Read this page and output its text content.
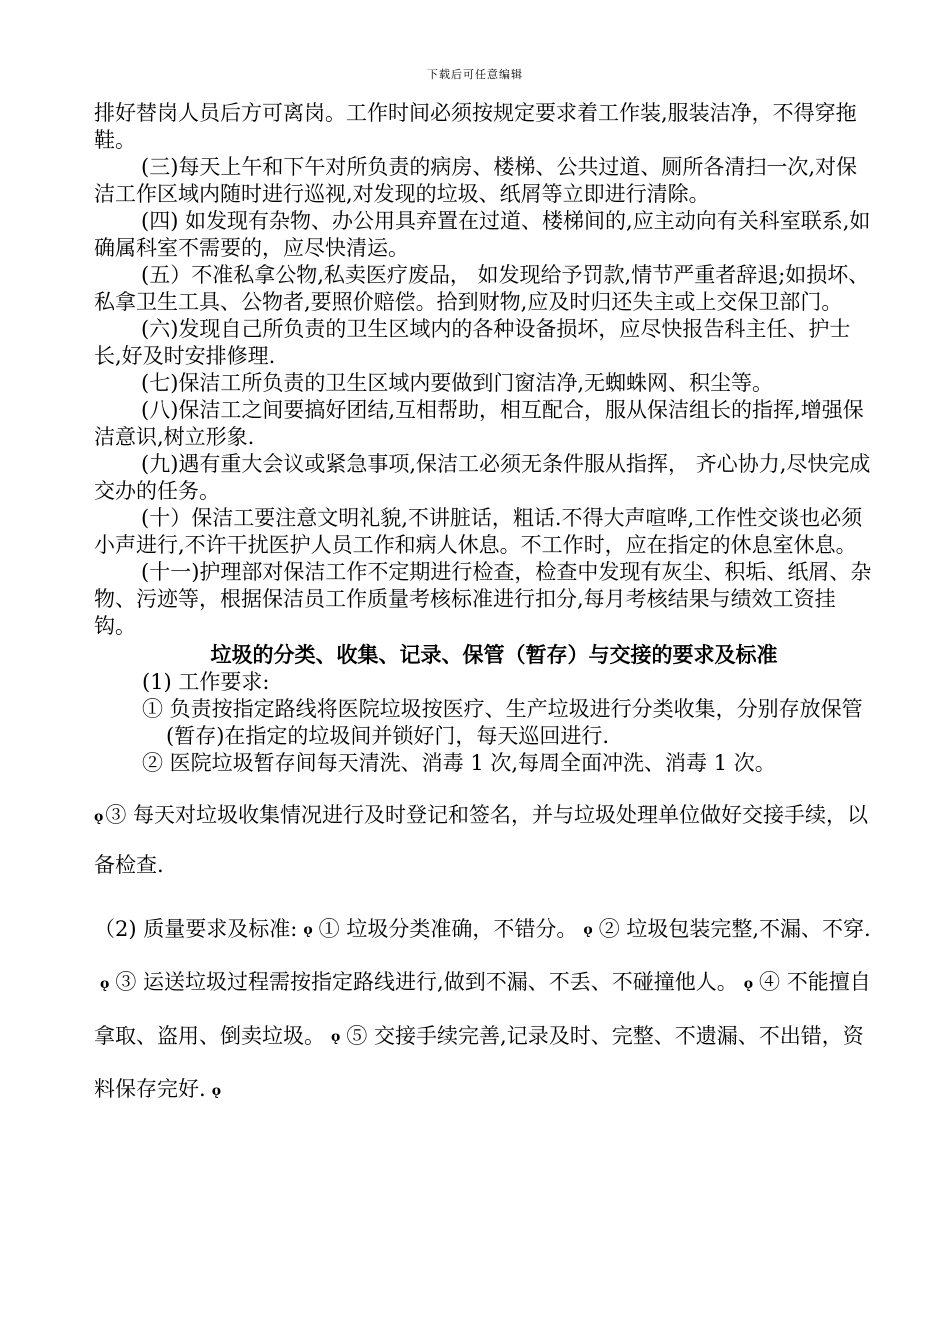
下载后可任意编辑

排好替岗人员后方可离岗。工作时间必须按规定要求着工作装,服装洁净，不得穿拖鞋。

(三)每天上午和下午对所负责的病房、楼梯、公共过道、厕所各清扫一次,对保洁工作区域内随时进行巡视,对发现的垃圾、纸屑等立即进行清除。

(四) 如发现有杂物、办公用具弃置在过道、楼梯间的,应主动向有关科室联系,如确属科室不需要的，应尽快清运。

(五）不准私拿公物,私卖医疗废品， 如发现给予罚款,情节严重者辞退;如损坏、私拿卫生工具、公物者,要照价赔偿。拾到财物,应及时归还失主或上交保卫部门。

(六)发现自己所负责的卫生区域内的各种设备损坏，应尽快报告科主任、护士长,好及时安排修理.

(七)保洁工所负责的卫生区域内要做到门窗洁净,无蜘蛛网、积尘等。

(八)保洁工之间要搞好团结,互相帮助，相互配合，服从保洁组长的指挥,增强保洁意识,树立形象.

(九)遇有重大会议或紧急事项,保洁工必须无条件服从指挥， 齐心协力,尽快完成交办的任务。

(十）保洁工要注意文明礼貌,不讲脏话，粗话.不得大声喧哗,工作性交谈也必须小声进行,不许干扰医护人员工作和病人休息。不工作时，应在指定的休息室休息。

(十一)护理部对保洁工作不定期进行检查，检查中发现有灰尘、积垢、纸屑、杂物、污迹等，根据保洁员工作质量考核标准进行扣分,每月考核结果与绩效工资挂钩。

垃圾的分类、收集、记录、保管（暂存）与交接的要求及标准

(1) 工作要求:

① 负责按指定路线将医院垃圾按医疗、生产垃圾进行分类收集，分别存放保管(暂存)在指定的垃圾间并锁好门，每天巡回进行.

② 医院垃圾暂存间每天清洗、消毒 1 次,每周全面冲洗、消毒 1 次。

ǫ③ 每天对垃圾收集情况进行及时登记和签名，并与垃圾处理单位做好交接手续，以备检查.

（2) 质量要求及标准: ǫ ① 垃圾分类准确，不错分。 ǫ ② 垃圾包装完整,不漏、不穿.ǫ ③ 运送垃圾过程需按指定路线进行,做到不漏、不丢、不碰撞他人。 ǫ ④ 不能擅自拿取、盗用、倒卖垃圾。 ǫ ⑤ 交接手续完善,记录及时、完整、不遗漏、不出错，资料保存完好. ǫ
